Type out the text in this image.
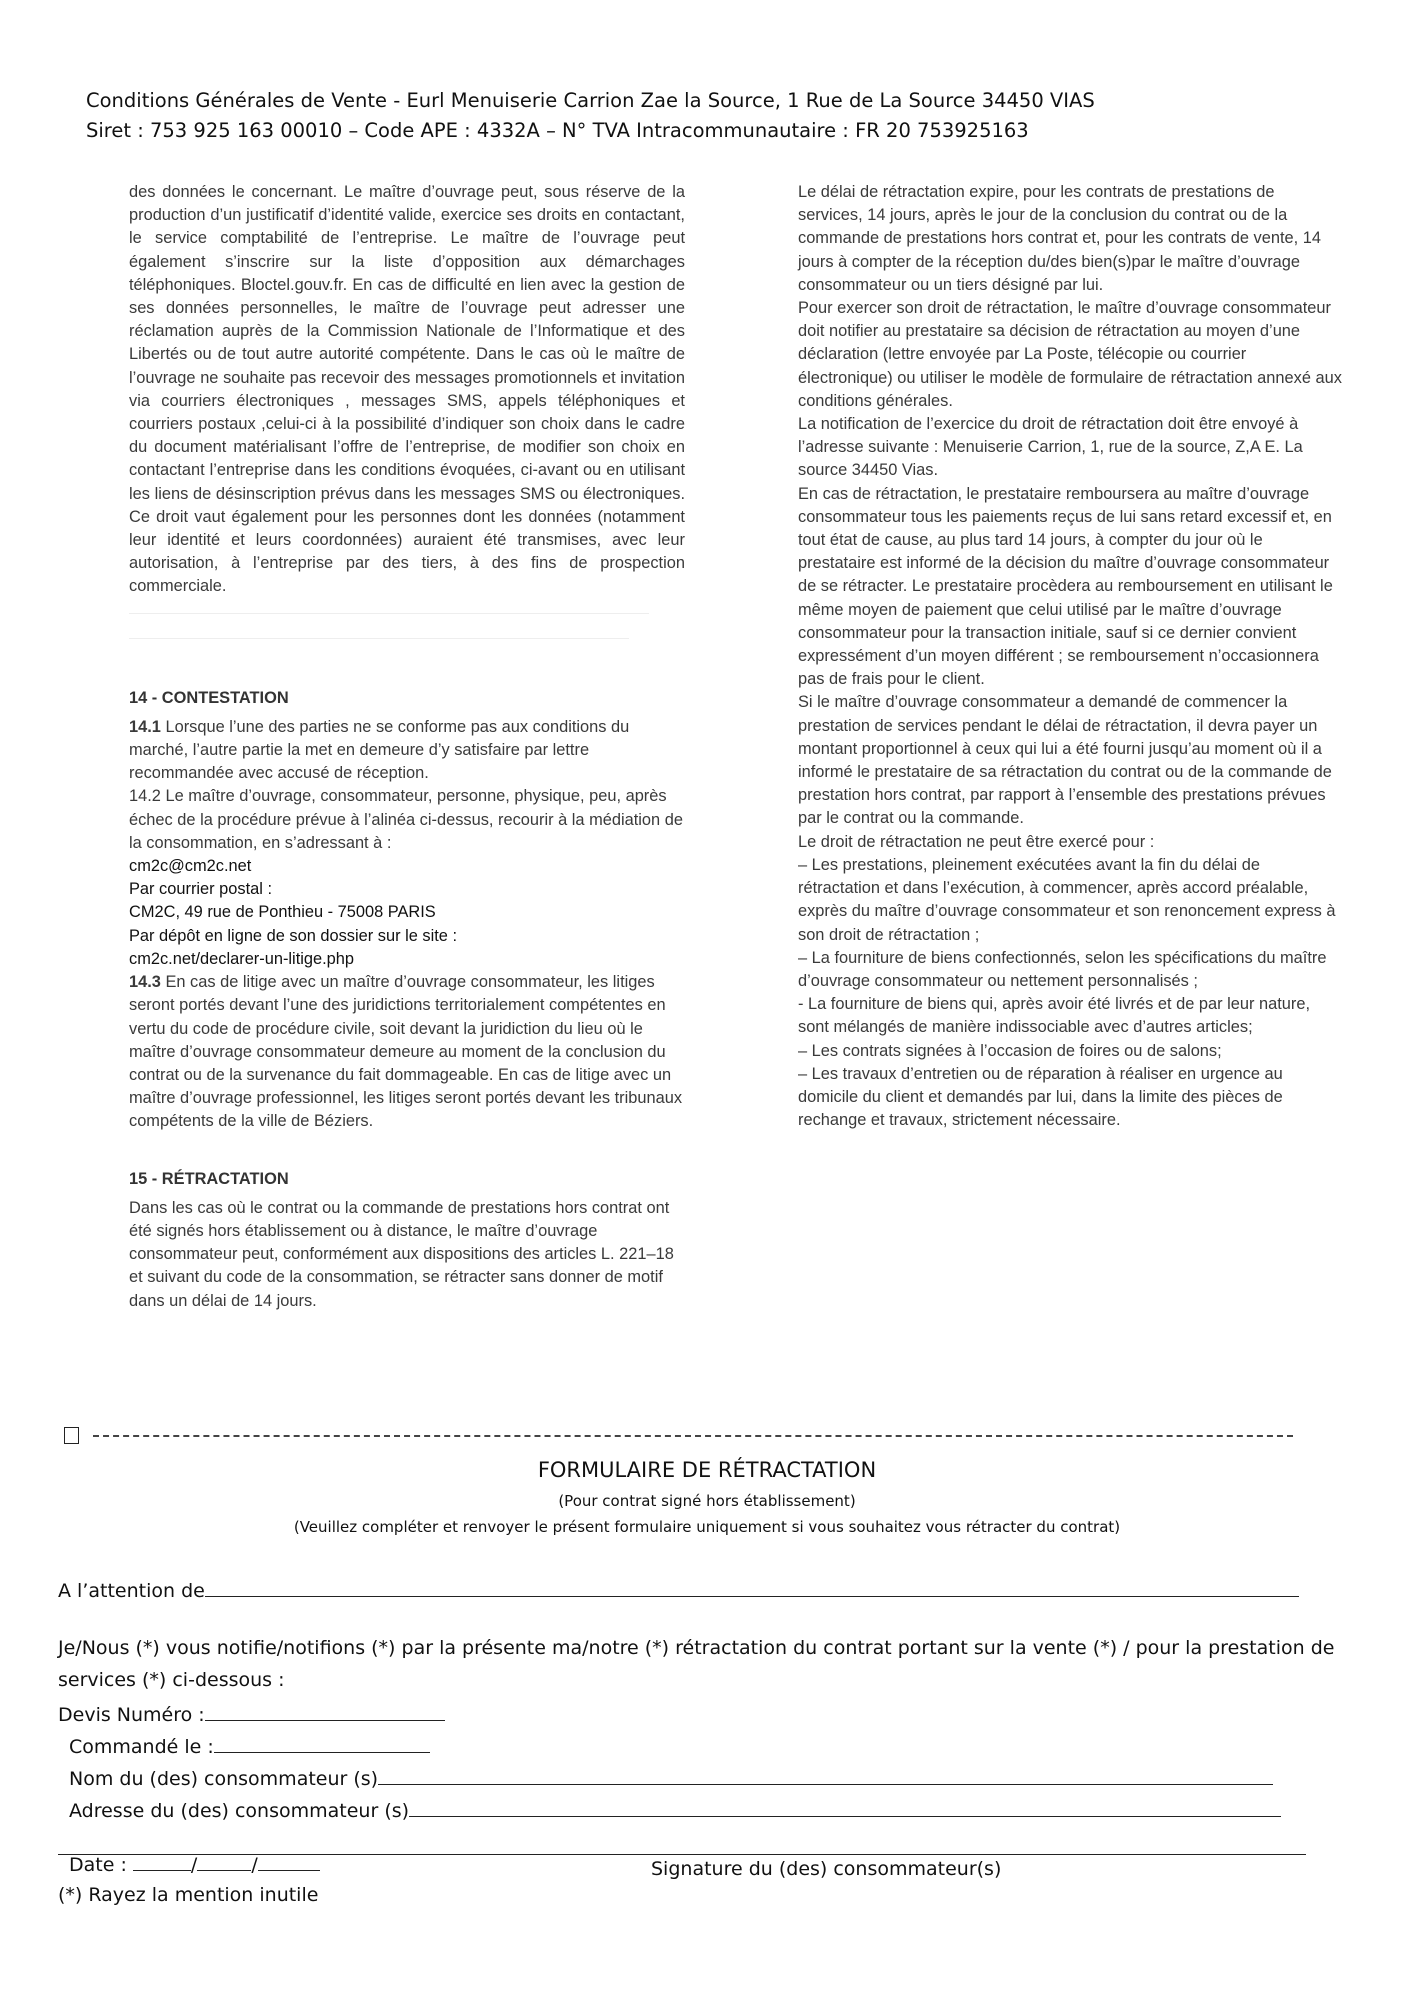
Conditions Générales de Vente - Eurl Menuiserie Carrion Zae la Source, 1 Rue de La Source 34450 VIAS
Siret : 753 925 163 00010 – Code APE : 4332A – N° TVA Intracommunautaire : FR 20 753925163

des données le concernant. Le maître d’ouvrage peut, sous réserve de la production d’un justificatif d’identité valide, exercice ses droits en contactant, le service comptabilité de l’entreprise. Le maître de l’ouvrage peut également s’inscrire sur la liste d’opposition aux démarchages téléphoniques. Bloctel.gouv.fr. En cas de difficulté en lien avec la gestion de ses données personnelles, le maître de l’ouvrage peut adresser une réclamation auprès de la Commission Nationale de l’Informatique et des Libertés ou de tout autre autorité compétente. Dans le cas où le maître de l’ouvrage ne souhaite pas recevoir des messages promotionnels et invitation via courriers électroniques , messages SMS, appels téléphoniques et courriers postaux ,celui-ci à la possibilité d’indiquer son choix dans le cadre du document matérialisant l’offre de l’entreprise, de modifier son choix en contactant l’entreprise dans les conditions évoquées, ci-avant ou en utilisant les liens de désinscription prévus dans les messages SMS ou électroniques. Ce droit vaut également pour les personnes dont les données (notamment leur identité et leurs coordonnées) auraient été transmises, avec leur autorisation, à l’entreprise par des tiers, à des fins de prospection commerciale.

14 - CONTESTATION

14.1 Lorsque l’une des parties ne se conforme pas aux conditions du marché, l’autre partie la met en demeure d’y satisfaire par lettre recommandée avec accusé de réception.

14.2 Le maître d’ouvrage, consommateur, personne, physique, peu, après échec de la procédure prévue à l’alinéa ci-dessus, recourir à la médiation de la consommation, en s’adressant à :

cm2c@cm2c.net
Par courrier postal :
CM2C, 49 rue de Ponthieu - 75008 PARIS
Par dépôt en ligne de son dossier sur le site :
cm2c.net/declarer-un-litige.php

14.3 En cas de litige avec un maître d’ouvrage consommateur, les litiges seront portés devant l’une des juridictions territorialement compétentes en vertu du code de procédure civile, soit devant la juridiction du lieu où le maître d’ouvrage consommateur demeure au moment de la conclusion du contrat ou de la survenance du fait dommageable. En cas de litige avec un maître d’ouvrage professionnel, les litiges seront portés devant les tribunaux compétents de la ville de Béziers.

15 - RÉTRACTATION

Dans les cas où le contrat ou la commande de prestations hors contrat ont été signés hors établissement ou à distance, le maître d’ouvrage consommateur peut, conformément aux dispositions des articles L. 221–18 et suivant du code de la consommation, se rétracter sans donner de motif dans un délai de 14 jours.

Le délai de rétractation expire, pour les contrats de prestations de services, 14 jours, après le jour de la conclusion du contrat ou de la commande de prestations hors contrat et, pour les contrats de vente, 14 jours à compter de la réception du/des bien(s)par le maître d’ouvrage consommateur ou un tiers désigné par lui.

Pour exercer son droit de rétractation, le maître d’ouvrage consommateur doit notifier au prestataire sa décision de rétractation au moyen d’une déclaration (lettre envoyée par La Poste, télécopie ou courrier électronique) ou utiliser le modèle de formulaire de rétractation annexé aux conditions générales.

La notification de l’exercice du droit de rétractation doit être envoyé à l’adresse suivante : Menuiserie Carrion, 1, rue de la source, Z,A E. La source 34450 Vias.

En cas de rétractation, le prestataire remboursera au maître d’ouvrage consommateur tous les paiements reçus de lui sans retard excessif et, en tout état de cause, au plus tard 14 jours, à compter du jour où le prestataire est informé de la décision du maître d’ouvrage consommateur de se rétracter. Le prestataire procèdera au remboursement en utilisant le même moyen de paiement que celui utilisé par le maître d’ouvrage consommateur pour la transaction initiale, sauf si ce dernier convient expressément d’un moyen différent ; se remboursement n’occasionnera pas de frais pour le client.

Si le maître d’ouvrage consommateur a demandé de commencer la prestation de services pendant le délai de rétractation, il devra payer un montant proportionnel à ceux qui lui a été fourni jusqu’au moment où il a informé le prestataire de sa rétractation du contrat ou de la commande de prestation hors contrat, par rapport à l’ensemble des prestations prévues par le contrat ou la commande.

Le droit de rétractation ne peut être exercé pour :

– Les prestations, pleinement exécutées avant la fin du délai de rétractation et dans l’exécution, à commencer, après accord préalable, exprès du maître d’ouvrage consommateur et son renoncement express à son droit de rétractation ;

– La fourniture de biens confectionnés, selon les spécifications du maître d’ouvrage consommateur ou nettement personnalisés ;

- La fourniture de biens qui, après avoir été livrés et de par leur nature, sont mélangés de manière indissociable avec d’autres articles;

– Les contrats signées à l’occasion de foires ou de salons;

– Les travaux d’entretien ou de réparation à réaliser en urgence au domicile du client et demandés par lui, dans la limite des pièces de rechange et travaux, strictement nécessaire.

FORMULAIRE DE RÉTRACTATION
(Pour contrat signé hors établissement)
(Veuillez compléter et renvoyer le présent formulaire uniquement si vous souhaitez vous rétracter du contrat)
A l’attention de
Je/Nous (*) vous notifie/notifions (*) par la présente ma/notre (*) rétractation du contrat portant sur la vente (*) / pour la prestation de services (*) ci-dessous :
Devis Numéro :
Commandé le :
Nom du (des) consommateur (s)
Adresse du (des) consommateur (s)
Date :	/	/	Signature du (des) consommateur(s)
(*) Rayez la mention inutile
